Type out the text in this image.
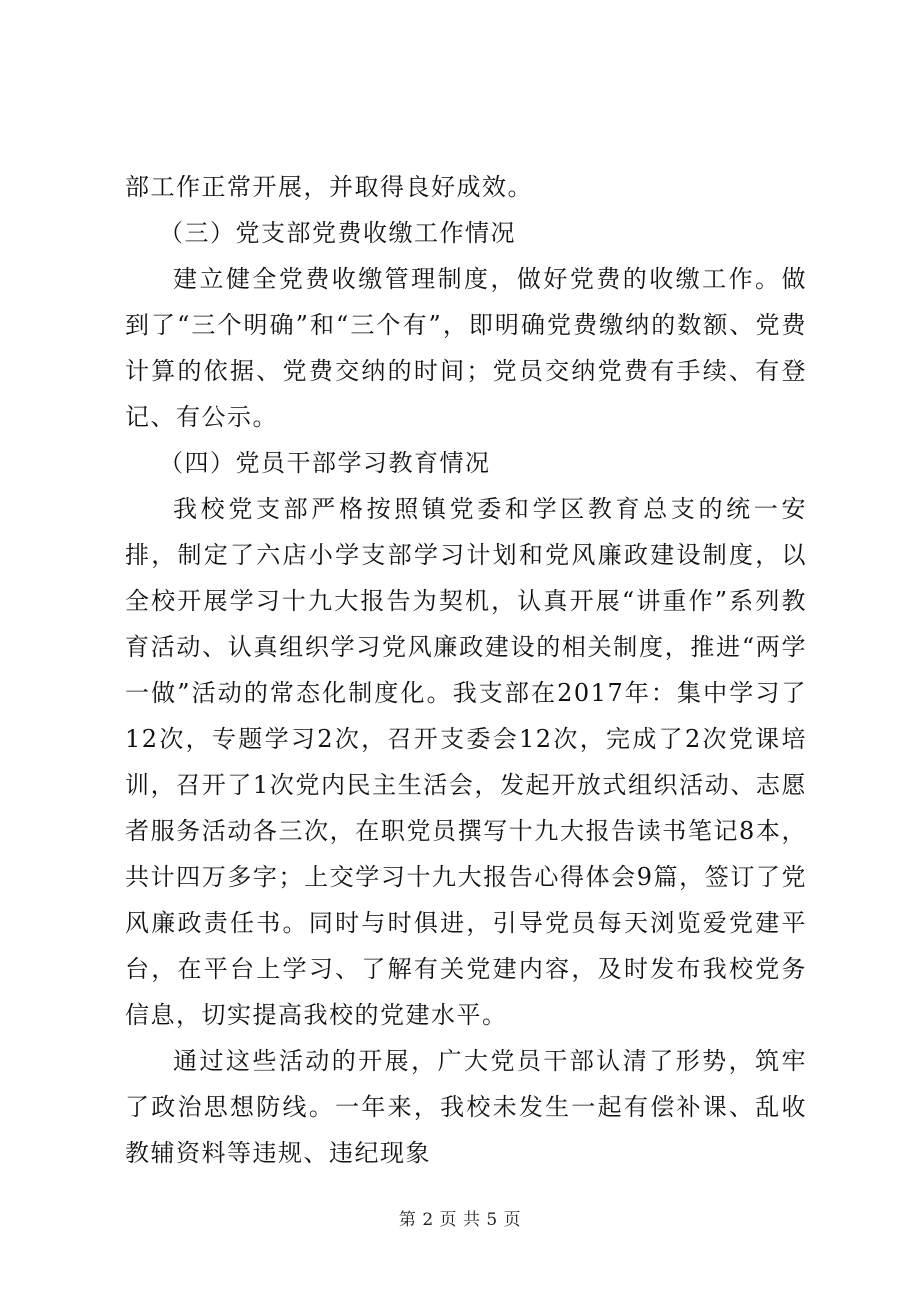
部工作正常开展，并取得良好成效。

（三）党支部党费收缴工作情况

建立健全党费收缴管理制度，做好党费的收缴工作。做到了“三个明确”和“三个有”，即明确党费缴纳的数额、党费计算的依据、党费交纳的时间；党员交纳党费有手续、有登记、有公示。

（四）党员干部学习教育情况

我校党支部严格按照镇党委和学区教育总支的统一安排，制定了六店小学支部学习计划和党风廉政建设制度，以全校开展学习十九大报告为契机，认真开展“讲重作”系列教育活动、认真组织学习党风廉政建设的相关制度，推进“两学一做”活动的常态化制度化。我支部在2017年：集中学习了12次，专题学习2次，召开支委会12次，完成了2次党课培训，召开了1次党内民主生活会，发起开放式组织活动、志愿者服务活动各三次，在职党员撰写十九大报告读书笔记8本，共计四万多字；上交学习十九大报告心得体会9篇，签订了党风廉政责任书。同时与时俱进，引导党员每天浏览爱党建平台，在平台上学习、了解有关党建内容，及时发布我校党务信息，切实提高我校的党建水平。

通过这些活动的开展，广大党员干部认清了形势，筑牢了政治思想防线。一年来，我校未发生一起有偿补课、乱收教辅资料等违规、违纪现象

第 2 页 共 5 页
